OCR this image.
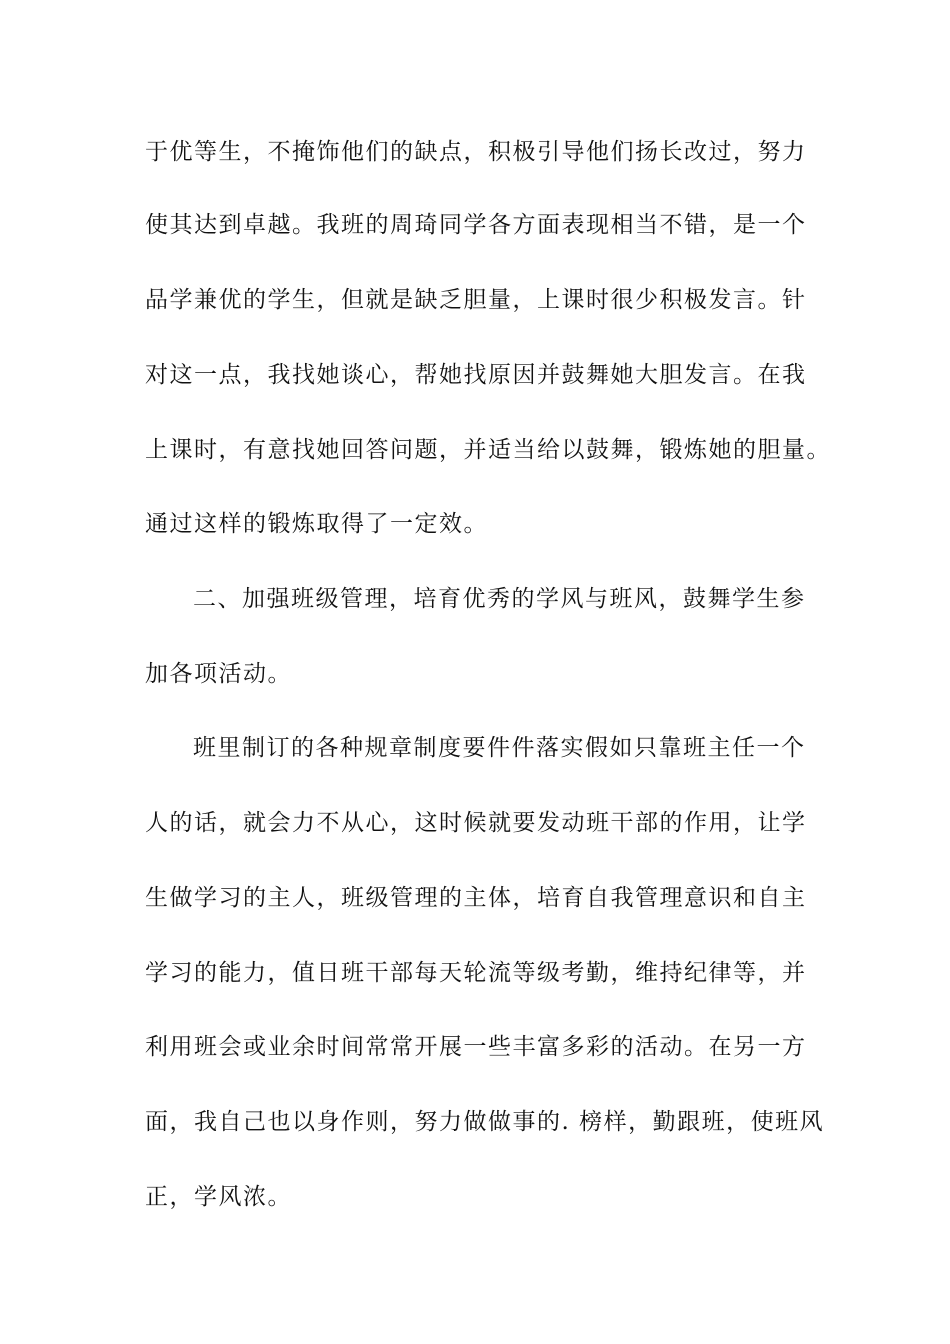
于优等生，不掩饰他们的缺点，积极引导他们扬长改过，努力
使其达到卓越。我班的周琦同学各方面表现相当不错，是一个
品学兼优的学生，但就是缺乏胆量，上课时很少积极发言。针
对这一点，我找她谈心，帮她找原因并鼓舞她大胆发言。在我
上课时，有意找她回答问题，并适当给以鼓舞，锻炼她的胆量。
通过这样的锻炼取得了一定效。
二、加强班级管理，培育优秀的学风与班风，鼓舞学生参
加各项活动。
班里制订的各种规章制度要件件落实假如只靠班主任一个
人的话，就会力不从心，这时候就要发动班干部的作用，让学
生做学习的主人，班级管理的主体，培育自我管理意识和自主
学习的能力，值日班干部每天轮流等级考勤，维持纪律等，并
利用班会或业余时间常常开展一些丰富多彩的活动。在另一方
面，我自己也以身作则，努力做做事的. 榜样，勤跟班，使班风
正，学风浓。
